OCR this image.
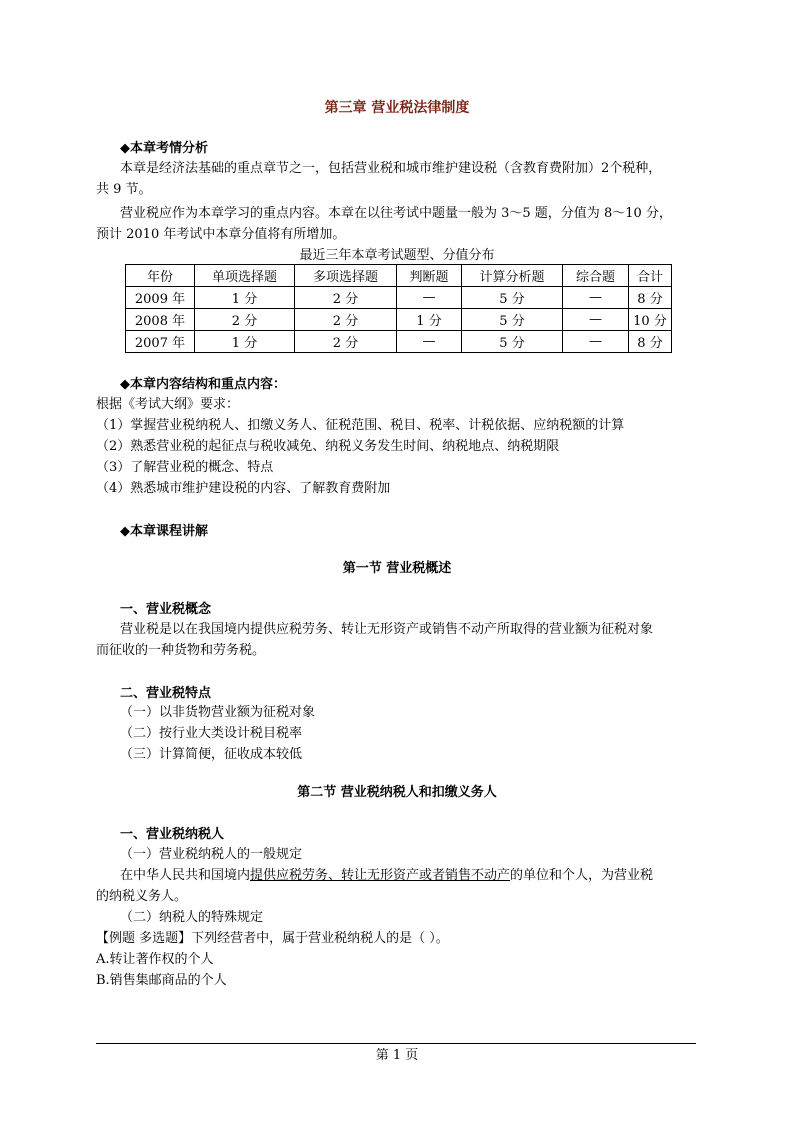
第三章 营业税法律制度
◆本章考情分析
本章是经济法基础的重点章节之一，包括营业税和城市维护建设税（含教育费附加）2个税种，
共 9 节。
营业税应作为本章学习的重点内容。本章在以往考试中题量一般为 3～5 题，分值为 8～10 分，
预计 2010 年考试中本章分值将有所增加。
最近三年本章考试题型、分值分布
年份	单项选择题	多项选择题	判断题	计算分析题	综合题	合计
2009 年	1 分	2 分	—	5 分	—	8 分
2008 年	2 分	2 分	1 分	5 分	—	10 分
2007 年	1 分	2 分	—	5 分	—	8 分
◆本章内容结构和重点内容：
根据《考试大纲》要求：
（1）掌握营业税纳税人、扣缴义务人、征税范围、税目、税率、计税依据、应纳税额的计算
（2）熟悉营业税的起征点与税收减免、纳税义务发生时间、纳税地点、纳税期限
（3）了解营业税的概念、特点
（4）熟悉城市维护建设税的内容、了解教育费附加
◆本章课程讲解
第一节 营业税概述
一、营业税概念
营业税是以在我国境内提供应税劳务、转让无形资产或销售不动产所取得的营业额为征税对象
而征收的一种货物和劳务税。
二、营业税特点
（一）以非货物营业额为征税对象
（二）按行业大类设计税目税率
（三）计算简便，征收成本较低
第二节 营业税纳税人和扣缴义务人
一、营业税纳税人
（一）营业税纳税人的一般规定
在中华人民共和国境内提供应税劳务、转让无形资产或者销售不动产的单位和个人，为营业税
的纳税义务人。
（二）纳税人的特殊规定
【例题 多选题】下列经营者中，属于营业税纳税人的是（ ）。
A.转让著作权的个人
B.销售集邮商品的个人
第 1 页
